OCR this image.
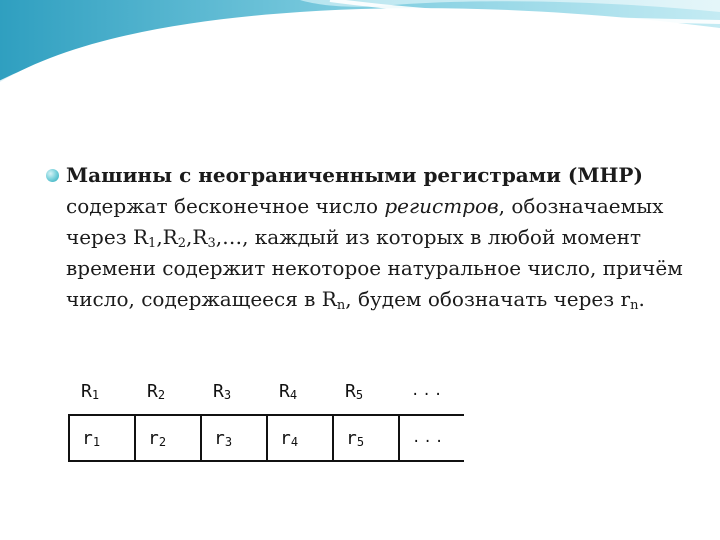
Машины с неограниченными регистрами (МНР) содержат бесконечное число регистров, обозначаемых через $R_1,R_2,R_3,\dots$, каждый из которых в любой момент времени содержит некоторое натуральное число, причём число, содержащееся в $R_n$, будем обозначать через $r_n$.

$R_1$	$R_2$	$R_3$	$R_4$	$R_5$	...
$r_1$	$r_2$	$r_3$	$r_4$	$r_5$	...
